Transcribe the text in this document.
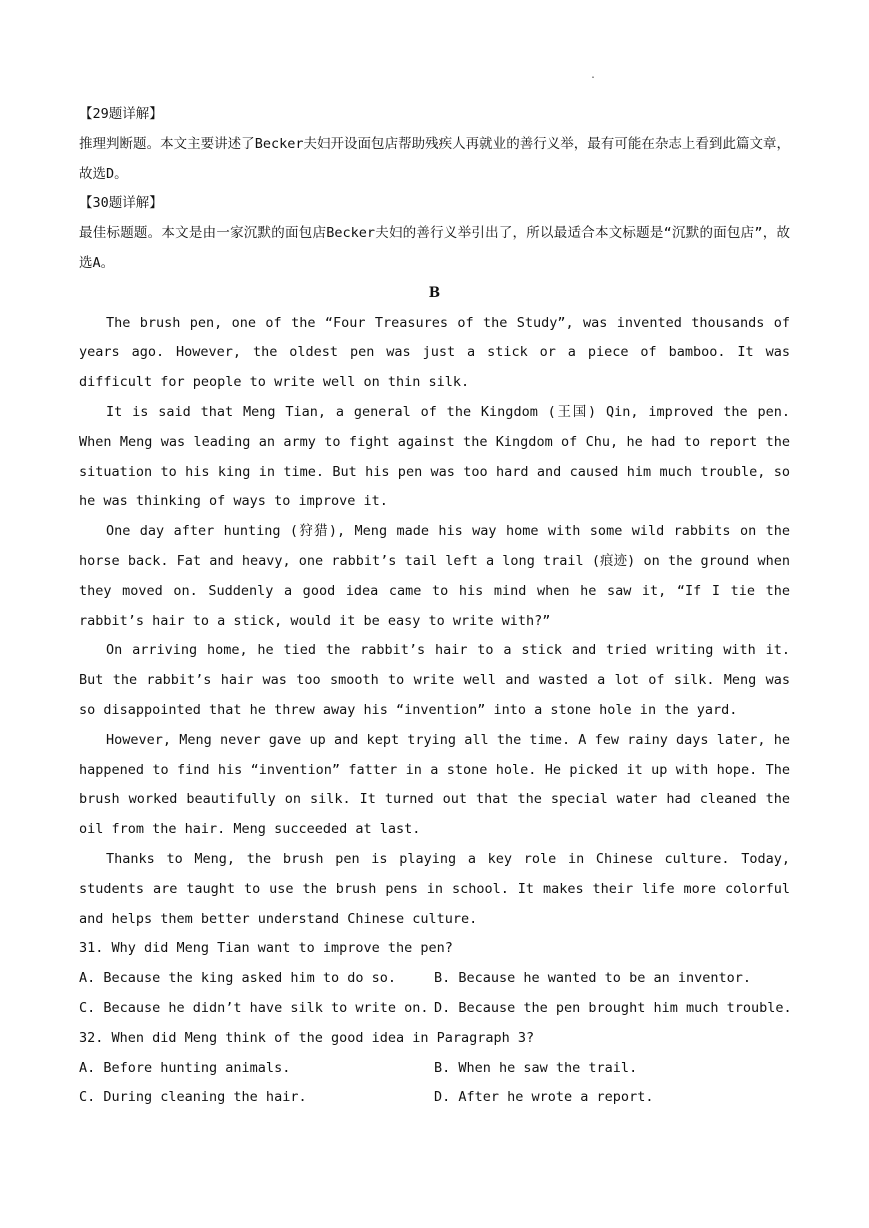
.
【29题详解】
推理判断题。本文主要讲述了Becker夫妇开设面包店帮助残疾人再就业的善行义举，最有可能在杂志上看到此篇文章，故选D。
【30题详解】
最佳标题题。本文是由一家沉默的面包店Becker夫妇的善行义举引出了，所以最适合本文标题是“沉默的面包店”，故选A。
B
The brush pen, one of the “Four Treasures of the Study”, was invented thousands of years ago. However, the oldest pen was just a stick or a piece of bamboo. It was difficult for people to write well on thin silk.
It is said that Meng Tian, a general of the Kingdom (王国) Qin, improved the pen. When Meng was leading an army to fight against the Kingdom of Chu, he had to report the situation to his king in time. But his pen was too hard and caused him much trouble, so he was thinking of ways to improve it.
One day after hunting (狩猎), Meng made his way home with some wild rabbits on the horse back. Fat and heavy, one rabbit’s tail left a long trail (痕迹) on the ground when they moved on. Suddenly a good idea came to his mind when he saw it, “If I tie the rabbit’s hair to a stick, would it be easy to write with?”
On arriving home, he tied the rabbit’s hair to a stick and tried writing with it. But the rabbit’s hair was too smooth to write well and wasted a lot of silk. Meng was so disappointed that he threw away his “invention” into a stone hole in the yard.
However, Meng never gave up and kept trying all the time. A few rainy days later, he happened to find his “invention” fatter in a stone hole. He picked it up with hope. The brush worked beautifully on silk. It turned out that the special water had cleaned the oil from the hair. Meng succeeded at last.
Thanks to Meng, the brush pen is playing a key role in Chinese culture. Today, students are taught to use the brush pens in school. It makes their life more colorful and helps them better understand Chinese culture.
31. Why did Meng Tian want to improve the pen?
A. Because the king asked him to do so.	B. Because he wanted to be an inventor.
C. Because he didn’t have silk to write on. D. Because the pen brought him much trouble.
32. When did Meng think of the good idea in Paragraph 3?
A. Before hunting animals.	B. When he saw the trail.
C. During cleaning the hair.	D. After he wrote a report.
